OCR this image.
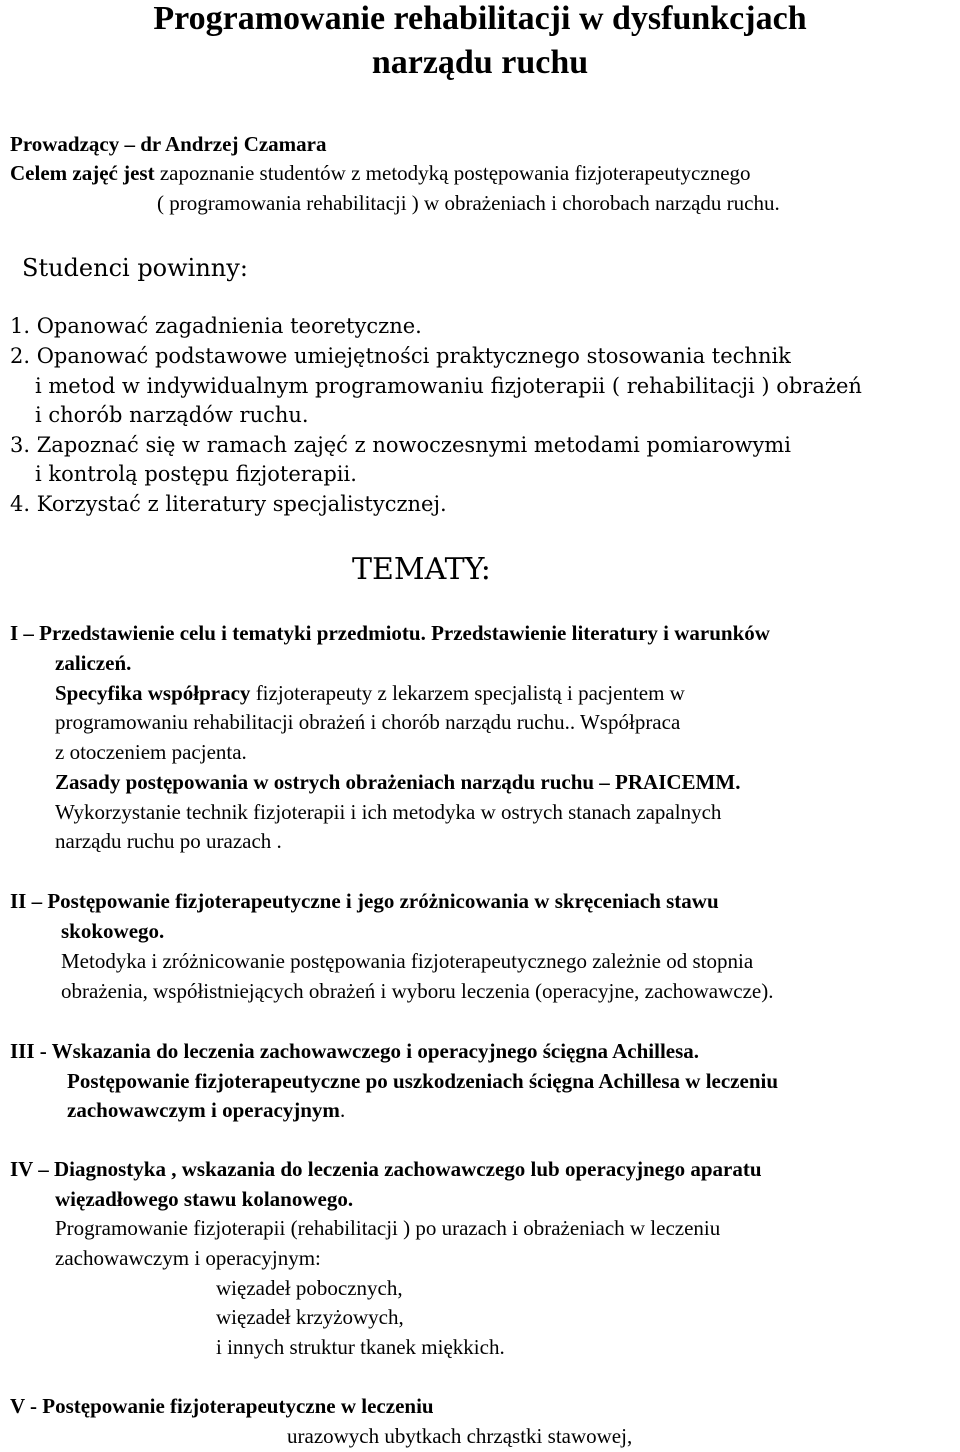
Programowanie rehabilitacji w dysfunkcjach
narządu ruchu
Prowadzący – dr Andrzej Czamara
Celem zajęć jest zapoznanie studentów z metodyką postępowania fizjoterapeutycznego
( programowania rehabilitacji ) w obrażeniach i chorobach narządu ruchu.
Studenci powinny:
1. Opanować zagadnienia teoretyczne.
2. Opanować podstawowe umiejętności praktycznego stosowania technik
i metod w indywidualnym programowaniu fizjoterapii ( rehabilitacji ) obrażeń
i chorób narządów ruchu.
3. Zapoznać się w ramach zajęć z nowoczesnymi metodami pomiarowymi
i kontrolą postępu fizjoterapii.
4. Korzystać z literatury specjalistycznej.
TEMATY:
I – Przedstawienie celu i tematyki przedmiotu. Przedstawienie literatury i warunków
zaliczeń.
Specyfika współpracy fizjoterapeuty z lekarzem specjalistą i pacjentem w
programowaniu rehabilitacji obrażeń i chorób narządu ruchu.. Współpraca
z otoczeniem pacjenta.
Zasady postępowania w ostrych obrażeniach narządu ruchu – PRAICEMM.
Wykorzystanie technik fizjoterapii i ich metodyka w ostrych stanach zapalnych
narządu ruchu po urazach .
II – Postępowanie fizjoterapeutyczne i jego zróżnicowania w skręceniach stawu
skokowego.
Metodyka i zróżnicowanie postępowania fizjoterapeutycznego zależnie od stopnia
obrażenia, współistniejących obrażeń i wyboru leczenia (operacyjne, zachowawcze).
III - Wskazania do leczenia zachowawczego i operacyjnego ścięgna Achillesa.
Postępowanie fizjoterapeutyczne po uszkodzeniach ścięgna Achillesa w leczeniu
zachowawczym i operacyjnym.
IV – Diagnostyka , wskazania do leczenia zachowawczego lub operacyjnego aparatu
więzadłowego stawu kolanowego.
Programowanie fizjoterapii (rehabilitacji ) po urazach i obrażeniach w leczeniu
zachowawczym i operacyjnym:
więzadeł pobocznych,
więzadeł krzyżowych,
i innych struktur tkanek miękkich.
V - Postępowanie fizjoterapeutyczne w leczeniu
urazowych ubytkach chrząstki stawowej,
